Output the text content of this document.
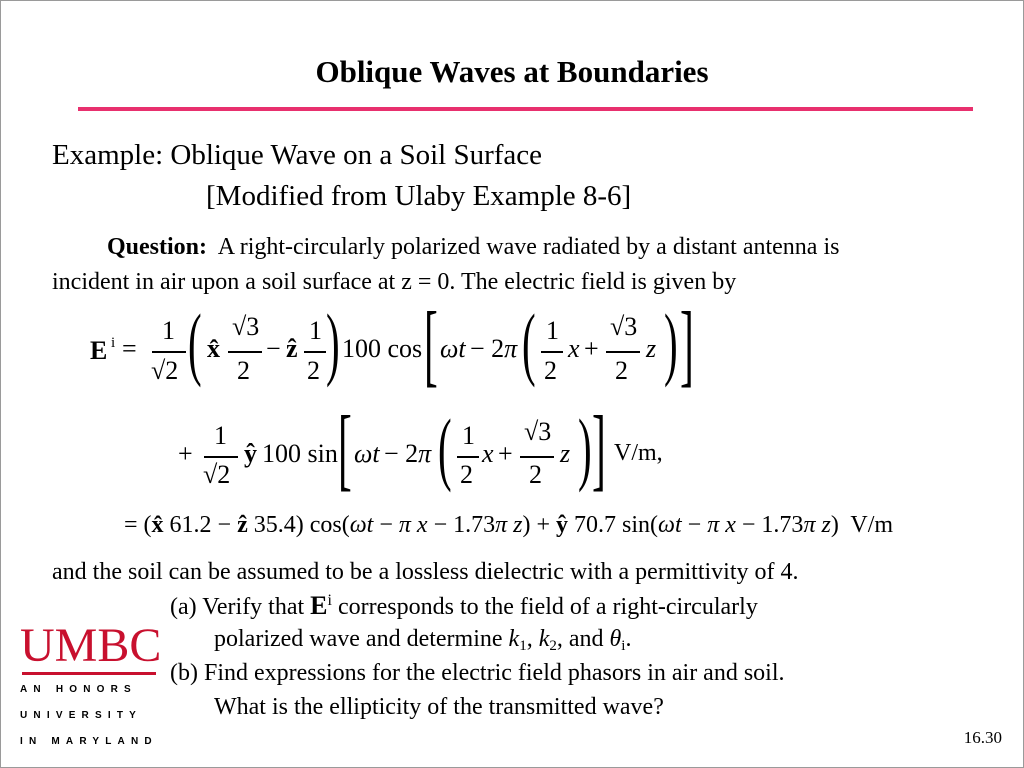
Oblique Waves at Boundaries
Example: Oblique Wave on a Soil Surface
[Modified from Ulaby Example 8-6]
Question: A right-circularly polarized wave radiated by a distant antenna is
incident in air upon a soil surface at z = 0. The electric field is given by
E i =
1
√2 ( x̂
√3
2
− ẑ
1
2 ) 100 cos [ ωt − 2π ( 1
2
x +
√3
2
z ) ]
+
1
√2
ŷ 100 sin [ ωt − 2π ( 1
2
x +
√3
2
z ) ] V/m,
= (x̂ 61.2 − ẑ 35.4) cos(ωt − π x − 1.73π z) + ŷ 70.7 sin(ωt − π x − 1.73π z)  V/m
and the soil can be assumed to be a lossless dielectric with a permittivity of 4.
(a) Verify that $E^i$ corresponds to the field of a right-circularly
polarized wave and determine $k_1$, $k_2$, and $\theta_i$.
(b) Find expressions for the electric field phasors in air and soil.
What is the ellipticity of the transmitted wave?
UMBC
AN HONORS
UNIVERSITY
IN MARYLAND	16.30
